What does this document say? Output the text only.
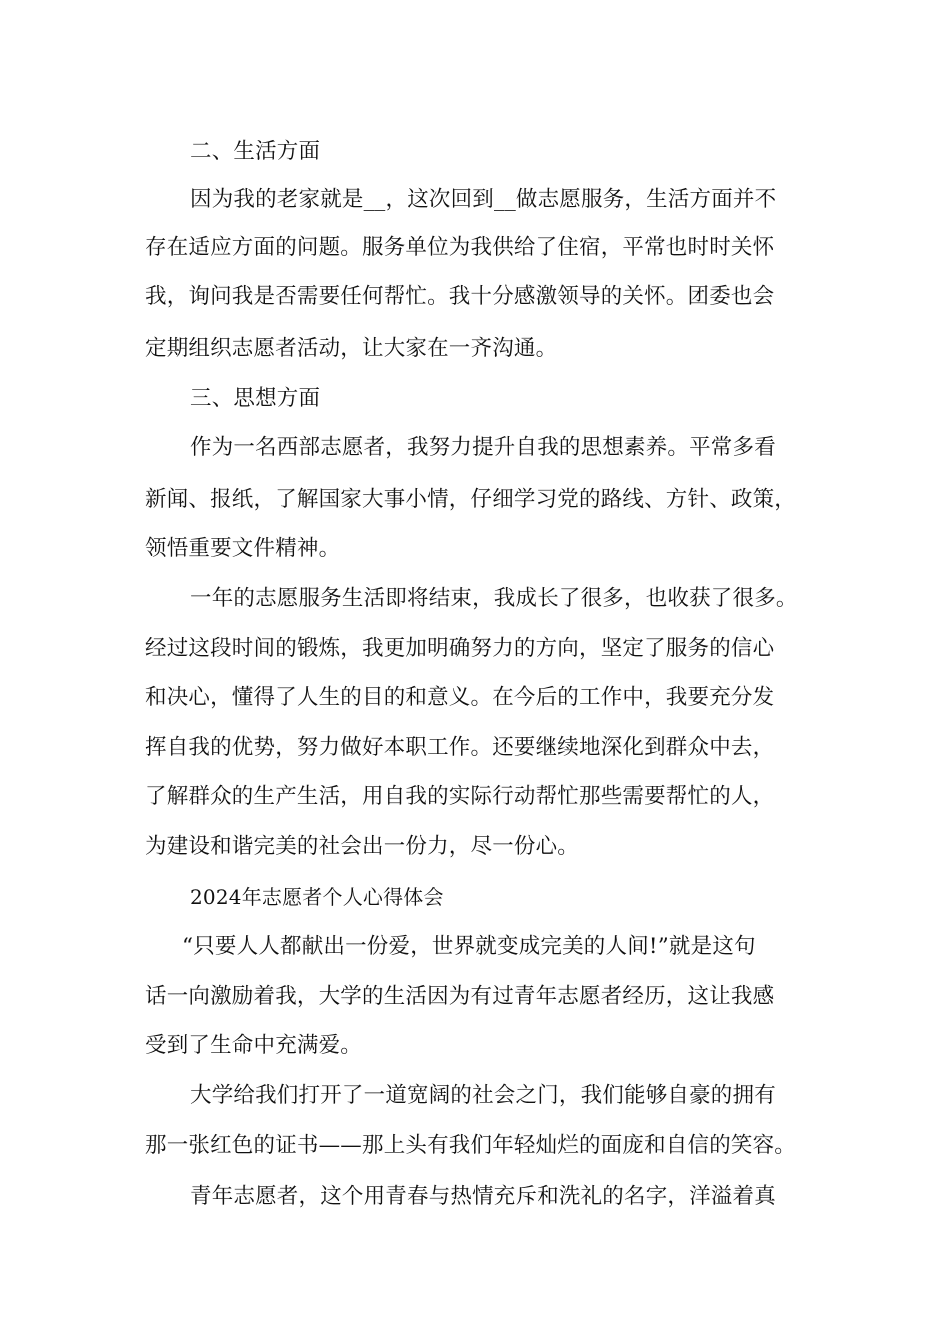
二、生活方面
因为我的老家就是__，这次回到__做志愿服务，生活方面并不
存在适应方面的问题。服务单位为我供给了住宿，平常也时时关怀
我，询问我是否需要任何帮忙。我十分感激领导的关怀。团委也会
定期组织志愿者活动，让大家在一齐沟通。
三、思想方面
作为一名西部志愿者，我努力提升自我的思想素养。平常多看
新闻、报纸，了解国家大事小情，仔细学习党的路线、方针、政策，
领悟重要文件精神。
一年的志愿服务生活即将结束，我成长了很多，也收获了很多。
经过这段时间的锻炼，我更加明确努力的方向，坚定了服务的信心
和决心，懂得了人生的目的和意义。在今后的工作中，我要充分发
挥自我的优势，努力做好本职工作。还要继续地深化到群众中去，
了解群众的生产生活，用自我的实际行动帮忙那些需要帮忙的人，
为建设和谐完美的社会出一份力，尽一份心。
2024年志愿者个人心得体会
“只要人人都献出一份爱，世界就变成完美的人间!”就是这句
话一向激励着我，大学的生活因为有过青年志愿者经历，这让我感
受到了生命中充满爱。
大学给我们打开了一道宽阔的社会之门，我们能够自豪的拥有
那一张红色的证书——那上头有我们年轻灿烂的面庞和自信的笑容。
青年志愿者，这个用青春与热情充斥和洗礼的名字，洋溢着真
